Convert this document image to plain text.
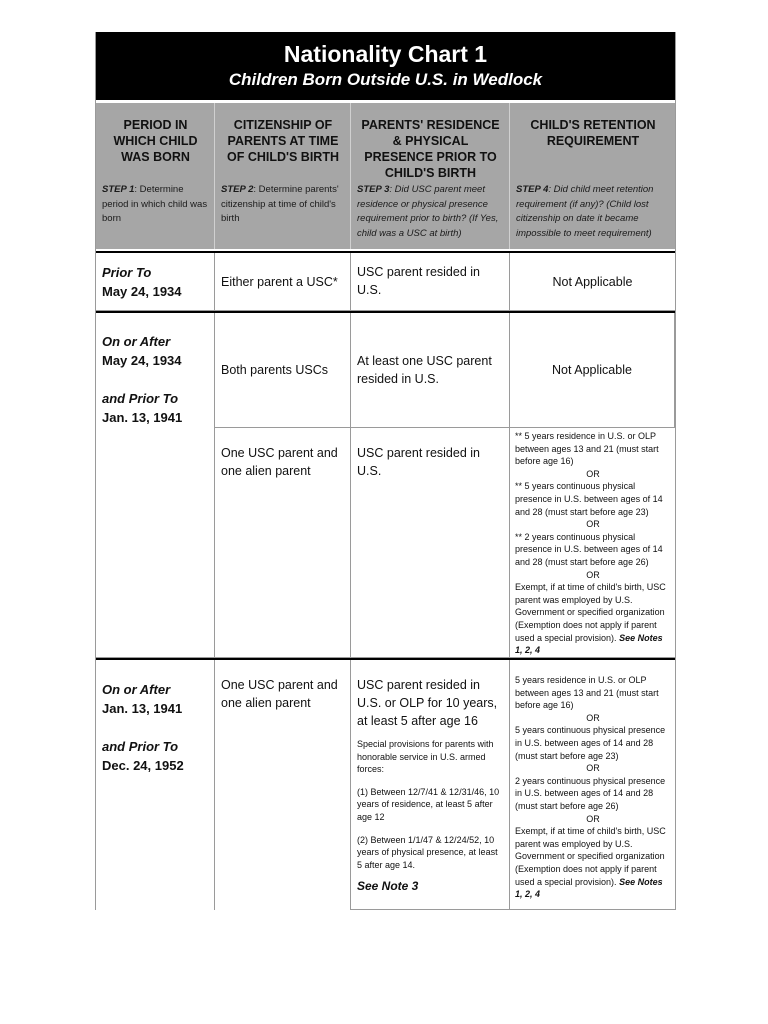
Nationality Chart 1
Children Born Outside U.S. in Wedlock
PERIOD IN WHICH CHILD WAS BORN
STEP 1: Determine period in which child was born
CITIZENSHIP OF PARENTS AT TIME OF CHILD'S BIRTH
STEP 2: Determine parents' citizenship at time of child's birth
PARENTS' RESIDENCE & PHYSICAL PRESENCE PRIOR TO CHILD'S BIRTH
STEP 3: Did USC parent meet residence or physical presence requirement prior to birth? (If Yes, child was a USC at birth)
CHILD'S RETENTION REQUIREMENT
STEP 4: Did child meet retention requirement (if any)? (Child lost citizenship on date it became impossible to meet requirement)
Prior To
May 24, 1934
Either parent a USC*
USC parent resided in U.S.
Not Applicable
On or After
May 24, 1934

and Prior To
Jan. 13, 1941
Both parents USCs
At least one USC parent resided in U.S.
Not Applicable
One USC parent and one alien parent
USC parent resided in U.S.
** 5 years residence in U.S. or OLP between ages 13 and 21 (must start before age 16)
OR
** 5 years continuous physical presence in U.S. between ages of 14 and 28 (must start before age 23)
OR
** 2 years continuous physical presence in U.S. between ages of 14 and 28 (must start before age 26)
OR
Exempt, if at time of child's birth, USC parent was employed by U.S. Government or specified organization (Exemption does not apply if parent used a special provision). See Notes 1, 2, 4
On or After
Jan. 13, 1941

and Prior To
Dec. 24, 1952
One USC parent and one alien parent
USC parent resided in U.S. or OLP for 10 years, at least 5 after age 16

Special provisions for parents with honorable service in U.S. armed forces:

(1) Between 12/7/41 & 12/31/46, 10 years of residence, at least 5 after age 12

(2) Between 1/1/47 & 12/24/52, 10 years of physical presence, at least 5 after age 14.

See Note 3
5 years residence in U.S. or OLP between ages 13 and 21 (must start before age 16)
OR
5 years continuous physical presence in U.S. between ages of 14 and 28 (must start before age 23)
OR
2 years continuous physical presence in U.S. between ages of 14 and 28 (must start before age 26)
OR
Exempt, if at time of child's birth, USC parent was employed by U.S. Government or specified organization (Exemption does not apply if parent used a special provision). See Notes 1, 2, 4
